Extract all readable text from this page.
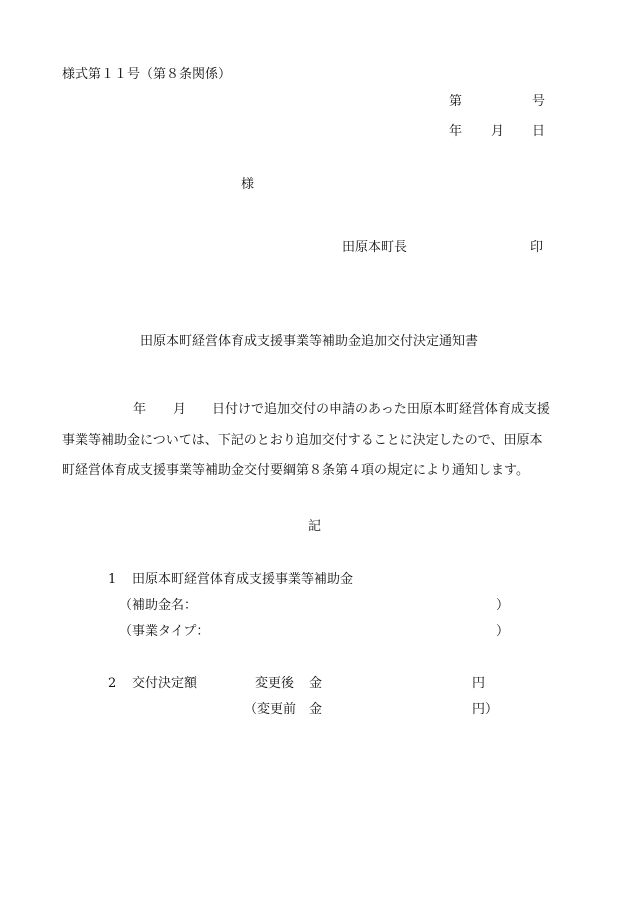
様式第１１号（第８条関係）
第	号
年 月 日
様
田原本町長	印
田原本町経営体育成支援事業等補助金追加交付決定通知書
年 月 日付けで追加交付の申請のあった田原本町経営体育成支援
事業等補助金については、下記のとおり追加交付することに決定したので、田原本
町経営体育成支援事業等補助金交付要綱第８条第４項の規定により通知します。
記
1 田原本町経営体育成支援事業等補助金
（補助金名：	）
（事業タイプ：	）
2 交付決定額	変更後 金	円
（変更前 金	円）
